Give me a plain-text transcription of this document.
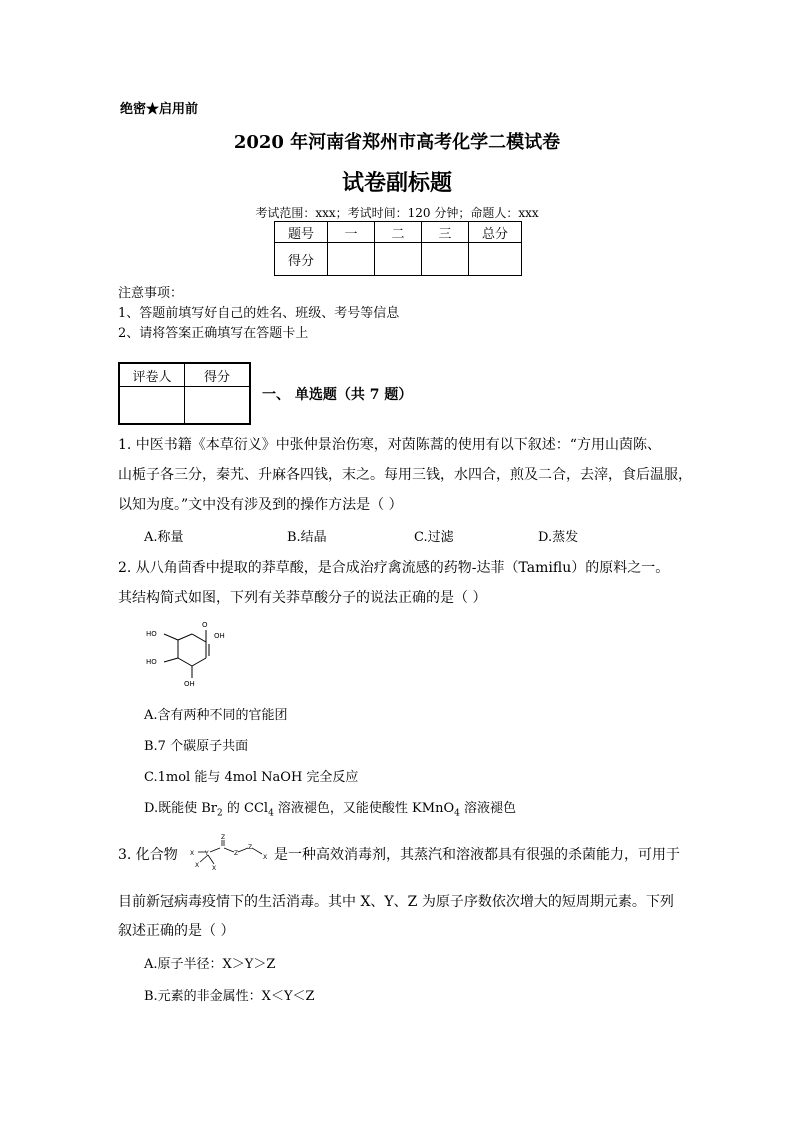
绝密★启用前
2020 年河南省郑州市高考化学二模试卷
试卷副标题
考试范围：xxx；考试时间：120 分钟；命题人：xxx
题号	一	二	三	总分
得分				
注意事项：
1、答题前填写好自己的姓名、班级、考号等信息
2、请将答案正确填写在答题卡上
评卷人	得分

一、 单选题（共 7 题）
1. 中医书籍《本草衍义》中张仲景治伤寒，对茵陈蒿的使用有以下叙述：“方用山茵陈、
山栀子各三分，秦艽、升麻各四钱，末之。每用三钱，水四合，煎及二合，去滓，食后温服，
以知为度。”文中没有涉及到的操作方法是（ ）
A.称量	B.结晶	C.过滤	D.蒸发
2. 从八角茴香中提取的莽草酸，是合成治疗禽流感的药物-达菲（Tamiflu）的原料之一。
其结构简式如图，下列有关莽草酸分子的说法正确的是（ ）
HO
HO
OH
O
OH
A.含有两种不同的官能团
B.7 个碳原子共面
C.1mol 能与 4mol NaOH 完全反应
D.既能使 $Br_2$ 的 CCl$_4$ 溶液褪色，又能使酸性 KMnO$_4$ 溶液褪色
3. 化合物
Z
X Y	Z
Z
X
X X
是一种高效消毒剂，其蒸汽和溶液都具有很强的杀菌能力，可用于
目前新冠病毒疫情下的生活消毒。其中 X、Y、Z 为原子序数依次增大的短周期元素。下列
叙述正确的是（ ）
A.原子半径：X＞Y＞Z
B.元素的非金属性：X＜Y＜Z
